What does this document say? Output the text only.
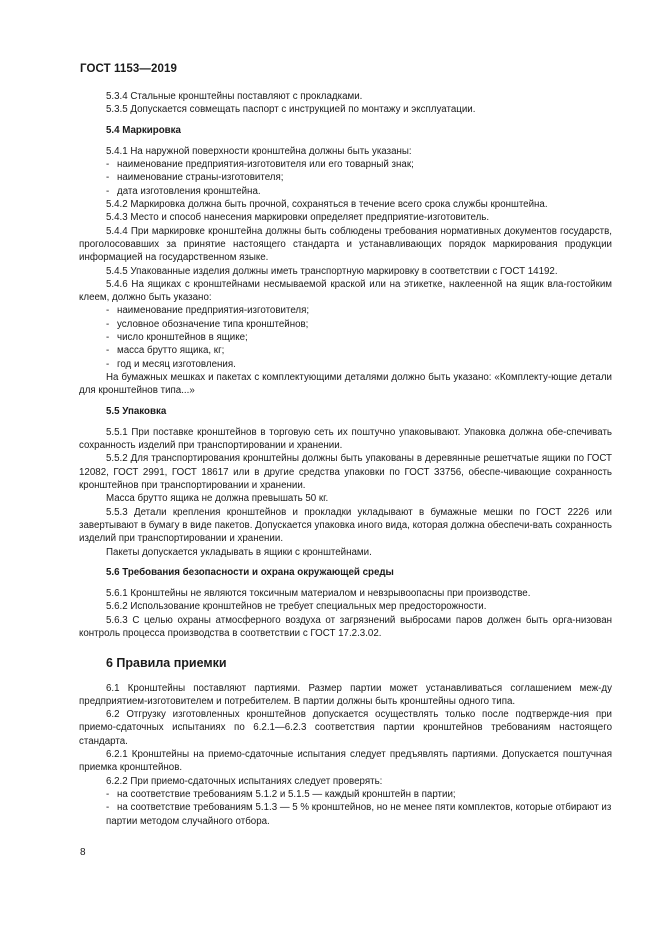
ГОСТ 1153—2019
5.3.4 Стальные кронштейны поставляют с прокладками.
5.3.5 Допускается совмещать паспорт с инструкцией по монтажу и эксплуатации.
5.4 Маркировка
5.4.1 На наружной поверхности кронштейна должны быть указаны:
- наименование предприятия-изготовителя или его товарный знак;
- наименование страны-изготовителя;
- дата изготовления кронштейна.
5.4.2 Маркировка должна быть прочной, сохраняться в течение всего срока службы кронштейна.
5.4.3 Место и способ нанесения маркировки определяет предприятие-изготовитель.
5.4.4 При маркировке кронштейна должны быть соблюдены требования нормативных документов государств, проголосовавших за принятие настоящего стандарта и устанавливающих порядок маркирования продукции информацией на государственном языке.
5.4.5 Упакованные изделия должны иметь транспортную маркировку в соответствии с ГОСТ 14192.
5.4.6 На ящиках с кронштейнами несмываемой краской или на этикетке, наклеенной на ящик вла-гостойким клеем, должно быть указано:
- наименование предприятия-изготовителя;
- условное обозначение типа кронштейнов;
- число кронштейнов в ящике;
- масса брутто ящика, кг;
- год и месяц изготовления.
На бумажных мешках и пакетах с комплектующими деталями должно быть указано: «Комплекту-ющие детали для кронштейнов типа...»
5.5 Упаковка
5.5.1 При поставке кронштейнов в торговую сеть их поштучно упаковывают. Упаковка должна обе-спечивать сохранность изделий при транспортировании и хранении.
5.5.2 Для транспортирования кронштейны должны быть упакованы в деревянные решетчатые ящики по ГОСТ 12082, ГОСТ 2991, ГОСТ 18617 или в другие средства упаковки по ГОСТ 33756, обеспе-чивающие сохранность кронштейнов при транспортировании и хранении.
Масса брутто ящика не должна превышать 50 кг.
5.5.3 Детали крепления кронштейнов и прокладки укладывают в бумажные мешки по ГОСТ 2226 или завертывают в бумагу в виде пакетов. Допускается упаковка иного вида, которая должна обеспечи-вать сохранность изделий при транспортировании и хранении.
Пакеты допускается укладывать в ящики с кронштейнами.
5.6 Требования безопасности и охрана окружающей среды
5.6.1 Кронштейны не являются токсичным материалом и невзрывоопасны при производстве.
5.6.2 Использование кронштейнов не требует специальных мер предосторожности.
5.6.3 С целью охраны атмосферного воздуха от загрязнений выбросами паров должен быть орга-низован контроль процесса производства в соответствии с ГОСТ 17.2.3.02.
6 Правила приемки
6.1 Кронштейны поставляют партиями. Размер партии может устанавливаться соглашением меж-ду предприятием-изготовителем и потребителем. В партии должны быть кронштейны одного типа.
6.2 Отгрузку изготовленных кронштейнов допускается осуществлять только после подтвержде-ния при приемо-сдаточных испытаниях по 6.2.1—6.2.3 соответствия партии кронштейнов требованиям настоящего стандарта.
6.2.1 Кронштейны на приемо-сдаточные испытания следует предъявлять партиями. Допускается поштучная приемка кронштейнов.
6.2.2 При приемо-сдаточных испытаниях следует проверять:
- на соответствие требованиям 5.1.2 и 5.1.5 — каждый кронштейн в партии;
- на соответствие требованиям 5.1.3 — 5 % кронштейнов, но не менее пяти комплектов, которые отбирают из партии методом случайного отбора.
8
